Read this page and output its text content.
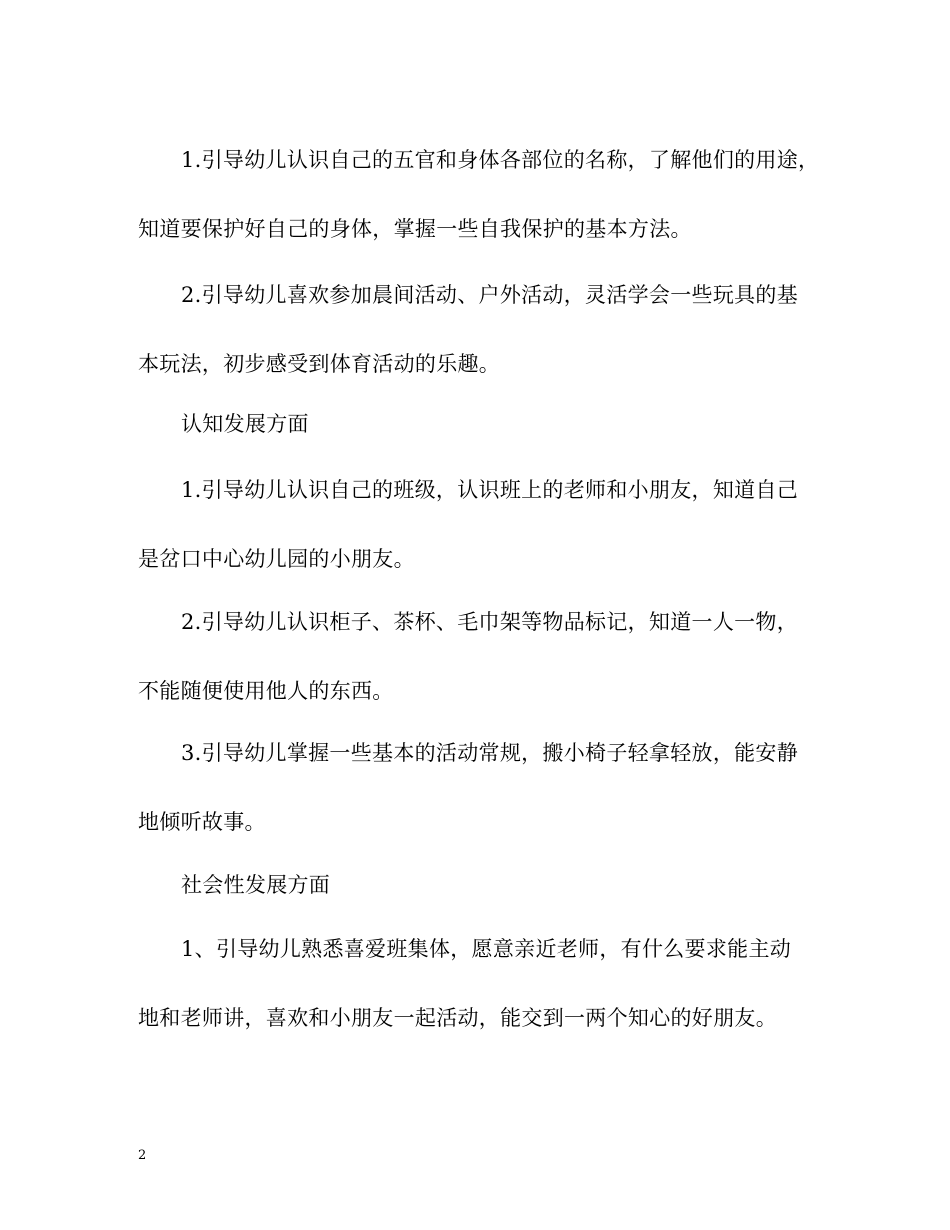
1.引导幼儿认识自己的五官和身体各部位的名称，了解他们的用途，
知道要保护好自己的身体，掌握一些自我保护的基本方法。
2.引导幼儿喜欢参加晨间活动、户外活动，灵活学会一些玩具的基
本玩法，初步感受到体育活动的乐趣。
认知发展方面
1.引导幼儿认识自己的班级，认识班上的老师和小朋友，知道自己
是岔口中心幼儿园的小朋友。
2.引导幼儿认识柜子、茶杯、毛巾架等物品标记，知道一人一物，
不能随便使用他人的东西。
3.引导幼儿掌握一些基本的活动常规，搬小椅子轻拿轻放，能安静
地倾听故事。
社会性发展方面
1、引导幼儿熟悉喜爱班集体，愿意亲近老师，有什么要求能主动
地和老师讲，喜欢和小朋友一起活动，能交到一两个知心的好朋友。
2
